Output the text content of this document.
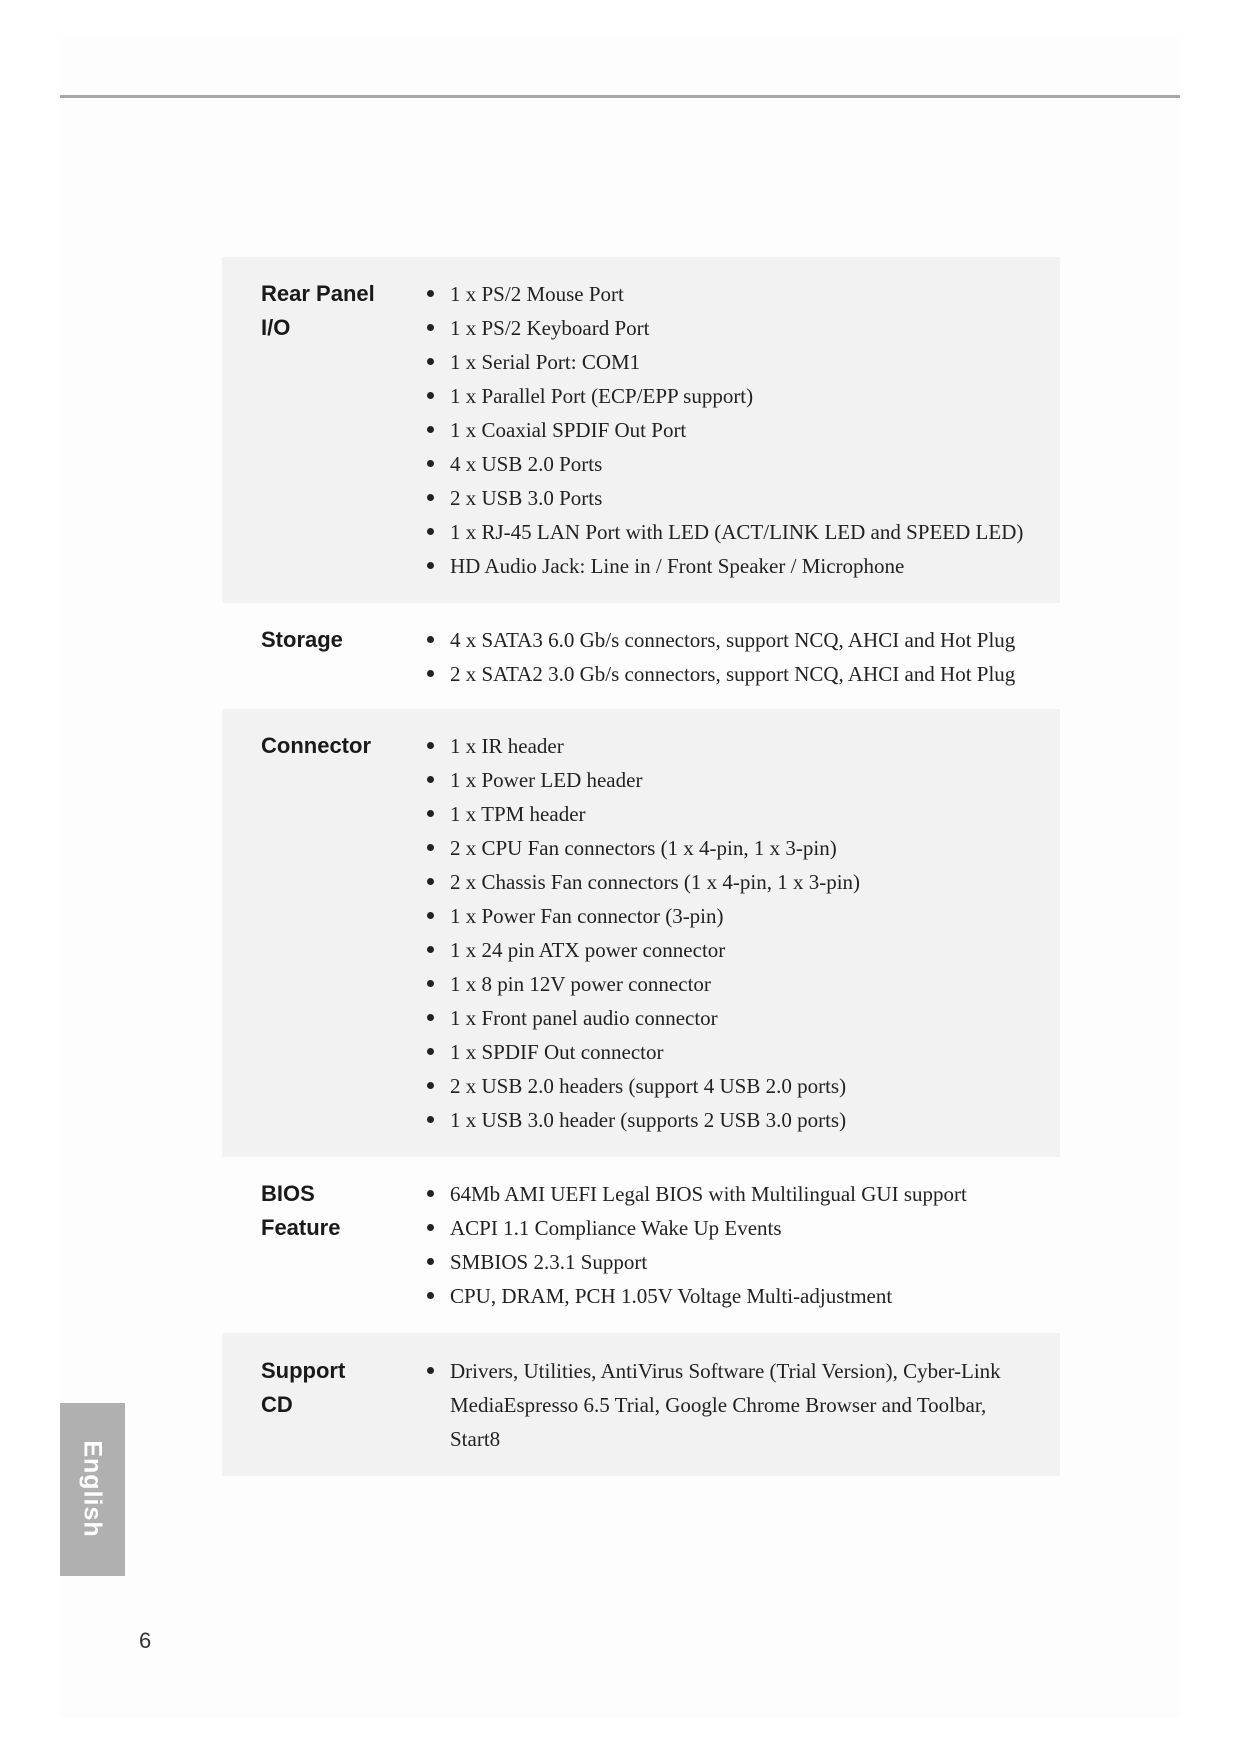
Rear Panel
I/O
1 x PS/2 Mouse Port
1 x PS/2 Keyboard Port
1 x Serial Port: COM1
1 x Parallel Port (ECP/EPP support)
1 x Coaxial SPDIF Out Port
4 x USB 2.0 Ports
2 x USB 3.0 Ports
1 x RJ-45 LAN Port with LED (ACT/LINK LED and SPEED LED)
HD Audio Jack: Line in / Front Speaker / Microphone
Storage	4 x SATA3 6.0 Gb/s connectors, support NCQ, AHCI and Hot Plug
2 x SATA2 3.0 Gb/s connectors, support NCQ, AHCI and Hot Plug
Connector	1 x IR header
1 x Power LED header
1 x TPM header
2 x CPU Fan connectors (1 x 4-pin, 1 x 3-pin)
2 x Chassis Fan connectors (1 x 4-pin, 1 x 3-pin)
1 x Power Fan connector (3-pin)
1 x 24 pin ATX power connector
1 x 8 pin 12V power connector
1 x Front panel audio connector
1 x SPDIF Out connector
2 x USB 2.0 headers (support 4 USB 2.0 ports)
1 x USB 3.0 header (supports 2 USB 3.0 ports)
BIOS
Feature
64Mb AMI UEFI Legal BIOS with Multilingual GUI support
ACPI 1.1 Compliance Wake Up Events
SMBIOS 2.3.1 Support
CPU, DRAM, PCH 1.05V Voltage Multi-adjustment
Support
CD
Drivers, Utilities, AntiVirus Software (Trial Version), Cyber-Link MediaEspresso 6.5 Trial, Google Chrome Browser and Toolbar, Start8
English
6
